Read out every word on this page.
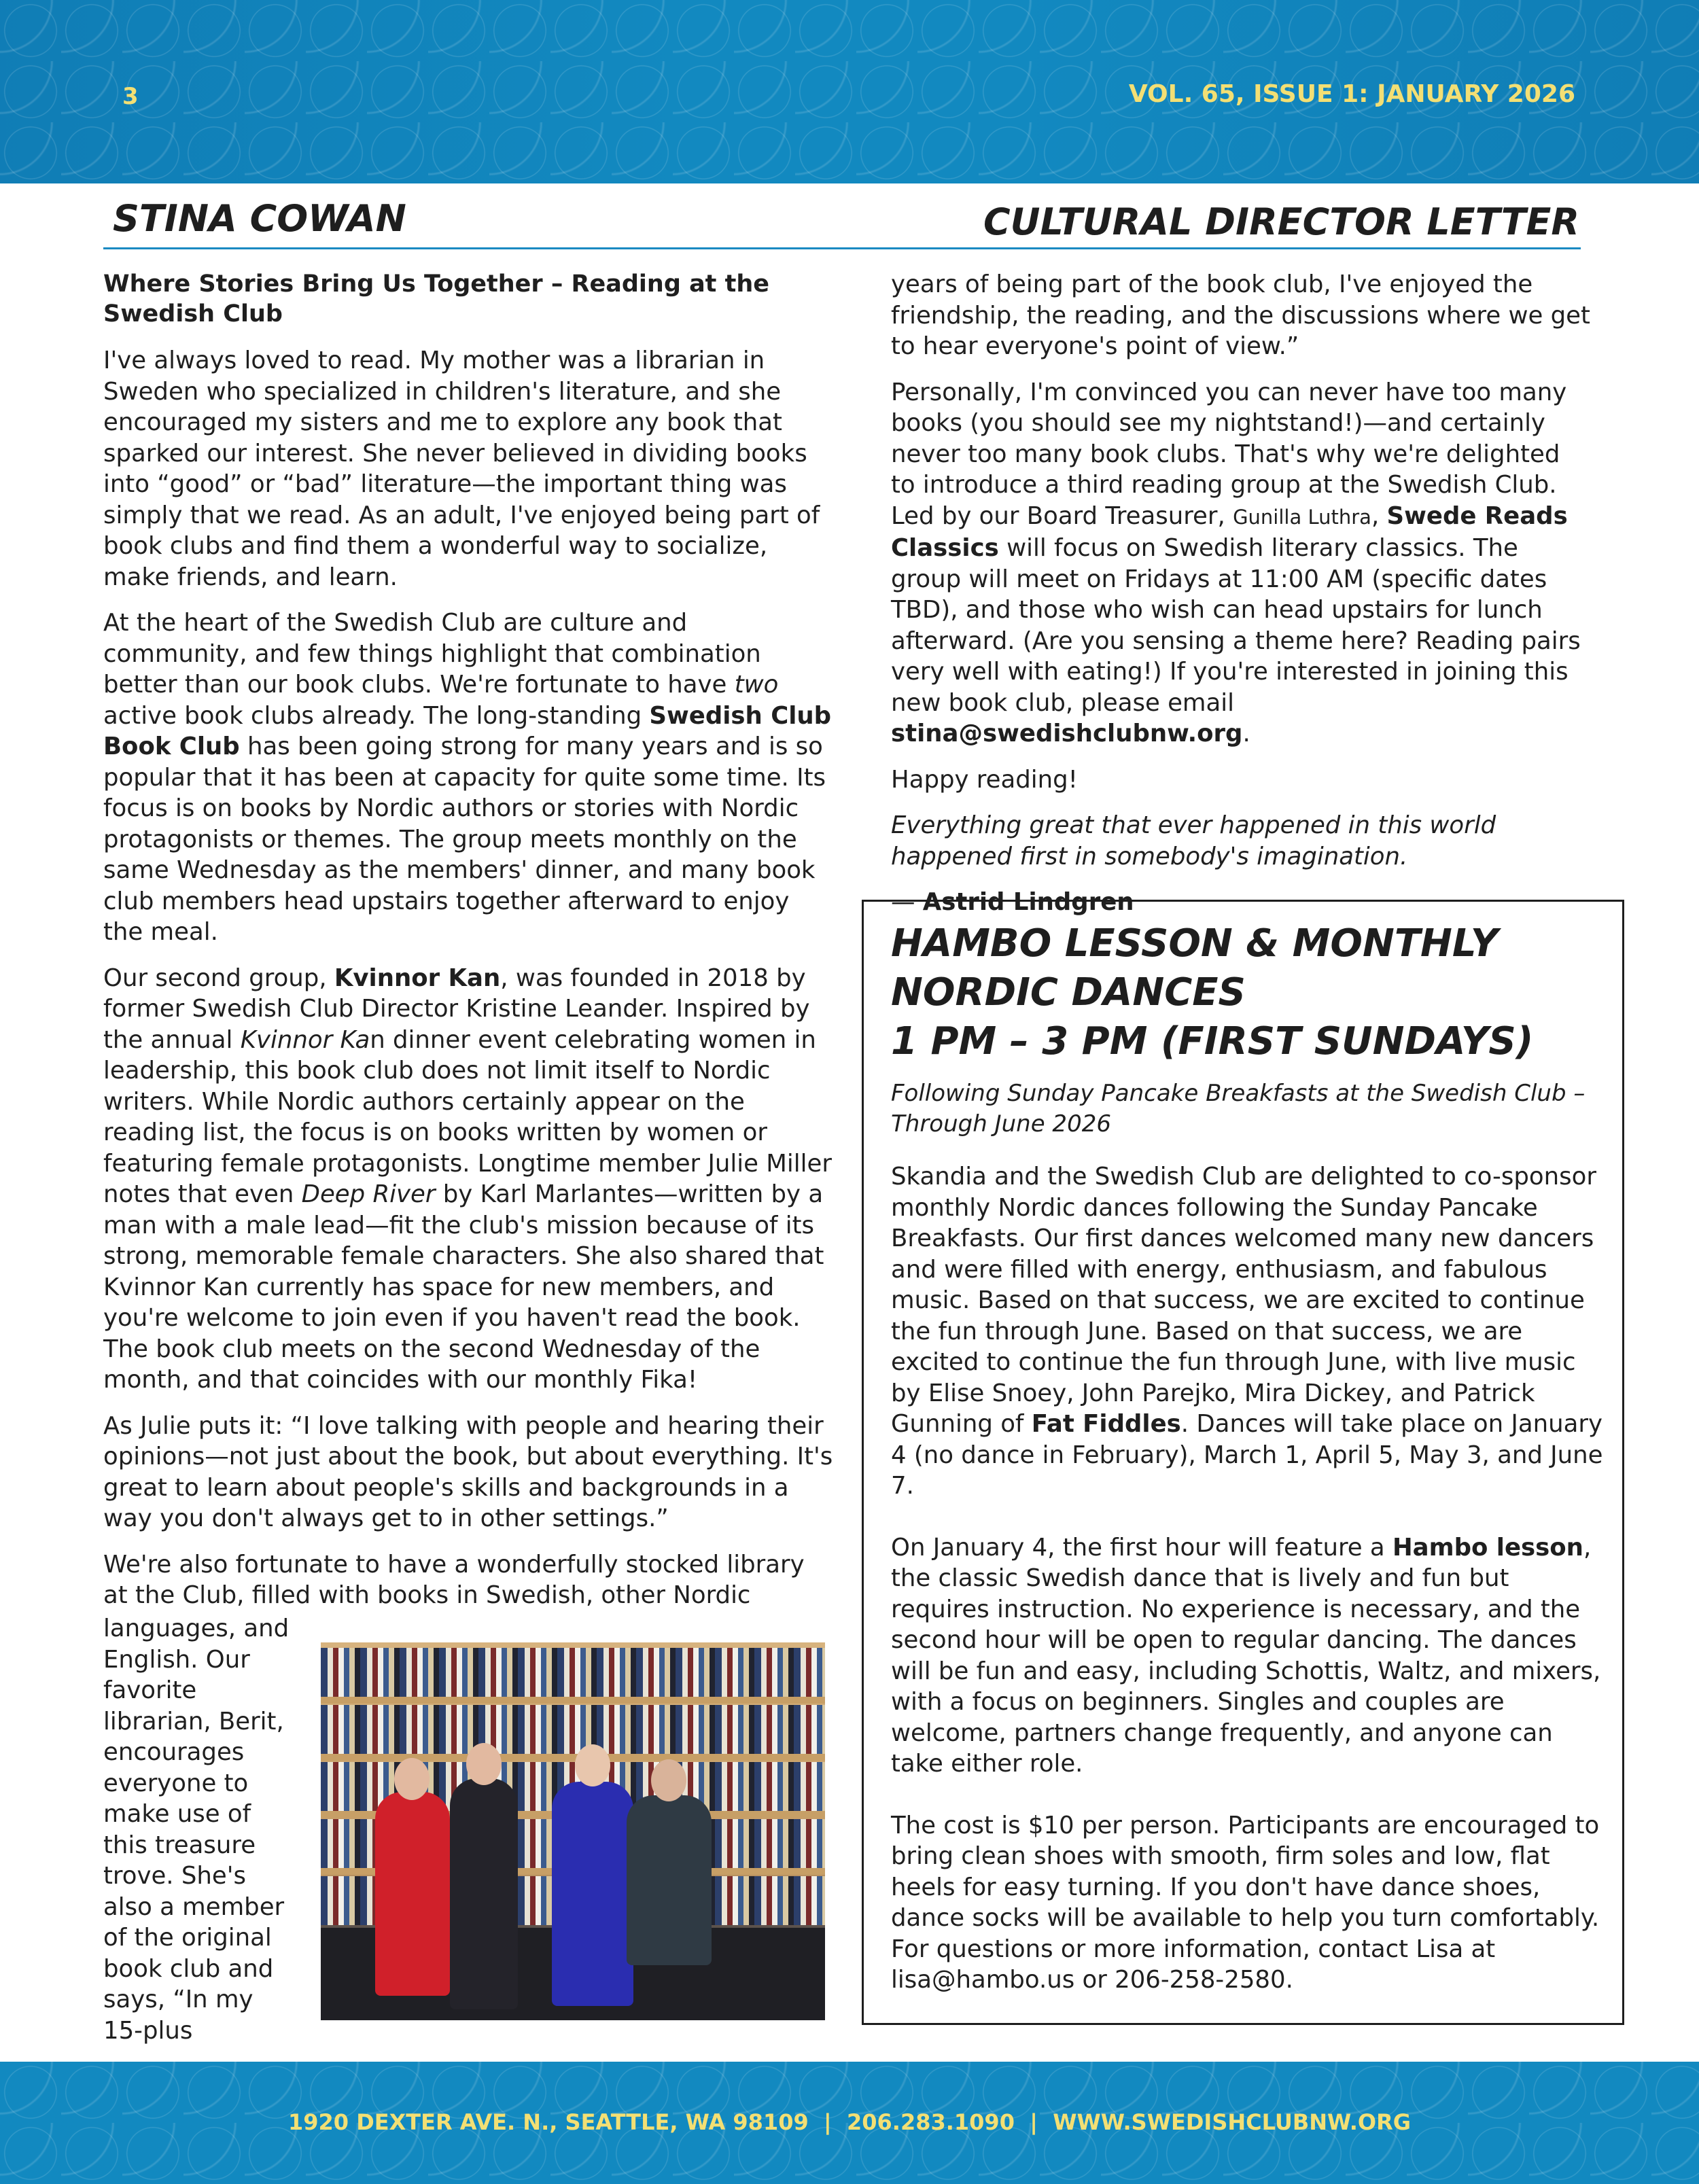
3	VOL. 65, ISSUE 1: JANUARY 2026
STINA COWAN	CULTURAL DIRECTOR LETTER
Where Stories Bring Us Together – Reading at the Swedish Club

I've always loved to read. My mother was a librarian in Sweden who specialized in children's literature, and she encouraged my sisters and me to explore any book that sparked our interest. She never believed in dividing books into “good” or “bad” literature—the important thing was simply that we read. As an adult, I've enjoyed being part of book clubs and find them a wonderful way to socialize, make friends, and learn.

At the heart of the Swedish Club are culture and community, and few things highlight that combination better than our book clubs. We're fortunate to have two active book clubs already. The long-standing Swedish Club Book Club has been going strong for many years and is so popular that it has been at capacity for quite some time. Its focus is on books by Nordic authors or stories with Nordic protagonists or themes. The group meets monthly on the same Wednesday as the members' dinner, and many book club members head upstairs together afterward to enjoy the meal.

Our second group, Kvinnor Kan, was founded in 2018 by former Swedish Club Director Kristine Leander. Inspired by the annual Kvinnor Kan dinner event celebrating women in leadership, this book club does not limit itself to Nordic writers. While Nordic authors certainly appear on the reading list, the focus is on books written by women or featuring female protagonists. Longtime member Julie Miller notes that even Deep River by Karl Marlantes—written by a man with a male lead—fit the club's mission because of its strong, memorable female characters. She also shared that Kvinnor Kan currently has space for new members, and you're welcome to join even if you haven't read the book. The book club meets on the second Wednesday of the month, and that coincides with our monthly Fika!

As Julie puts it: “I love talking with people and hearing their opinions—not just about the book, but about everything. It's great to learn about people's skills and backgrounds in a way you don't always get to in other settings.”

We're also fortunate to have a wonderfully stocked library at the Club, filled with books in Swedish, other Nordic

languages, and English. Our favorite librarian, Berit, encourages everyone to make use of this treasure trove. She's also a member of the original book club and says, “In my 15-plus

years of being part of the book club, I've enjoyed the friendship, the reading, and the discussions where we get to hear everyone's point of view.”

Personally, I'm convinced you can never have too many books (you should see my nightstand!)—and certainly never too many book clubs. That's why we're delighted to introduce a third reading group at the Swedish Club. Led by our Board Treasurer, Gunilla Luthra, Swede Reads Classics will focus on Swedish literary classics. The group will meet on Fridays at 11:00 AM (specific dates TBD), and those who wish can head upstairs for lunch afterward. (Are you sensing a theme here? Reading pairs very well with eating!) If you're interested in joining this new book club, please email stina@swedishclubnw.org.

Happy reading!

Everything great that ever happened in this world happened first in somebody's imagination.

— Astrid Lindgren

HAMBO LESSON & MONTHLY
NORDIC DANCES
1 PM – 3 PM (FIRST SUNDAYS)
Following Sunday Pancake Breakfasts at the Swedish Club – Through June 2026

Skandia and the Swedish Club are delighted to co-sponsor monthly Nordic dances following the Sunday Pancake Breakfasts. Our first dances welcomed many new dancers and were filled with energy, enthusiasm, and fabulous music. Based on that success, we are excited to continue the fun through June. Based on that success, we are excited to continue the fun through June, with live music by Elise Snoey, John Parejko, Mira Dickey, and Patrick Gunning of Fat Fiddles. Dances will take place on January 4 (no dance in February), March 1, April 5, May 3, and June 7.

On January 4, the first hour will feature a Hambo lesson, the classic Swedish dance that is lively and fun but requires instruction. No experience is necessary, and the second hour will be open to regular dancing. The dances will be fun and easy, including Schottis, Waltz, and mixers, with a focus on beginners. Singles and couples are welcome, partners change frequently, and anyone can take either role.

The cost is $10 per person. Participants are encouraged to bring clean shoes with smooth, firm soles and low, flat heels for easy turning. If you don't have dance shoes, dance socks will be available to help you turn comfortably. For questions or more information, contact Lisa at lisa@hambo.us or 206-258-2580.

1920 DEXTER AVE. N., SEATTLE, WA 98109  |  206.283.1090  |  WWW.SWEDISHCLUBNW.ORG
